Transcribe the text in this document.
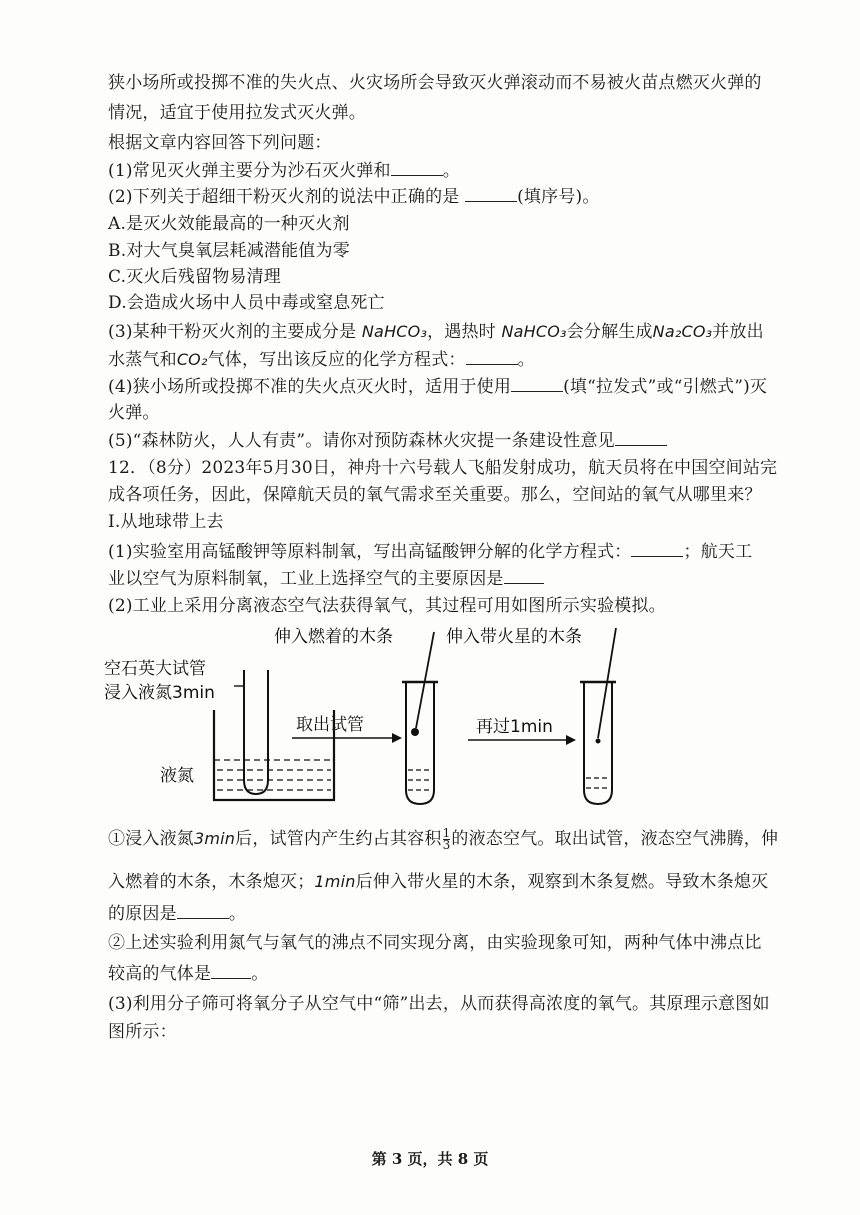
狭小场所或投掷不准的失火点、火灾场所会导致灭火弹滚动而不易被火苗点燃灭火弹的
情况，适宜于使用拉发式灭火弹。
根据文章内容回答下列问题：
(1)常见灭火弹主要分为沙石灭火弹和	。
(2)下列关于超细干粉灭火剂的说法中正确的是	(填序号)。
A.是灭火效能最高的一种灭火剂
B.对大气臭氧层耗减潜能值为零
C.灭火后残留物易清理
D.会造成火场中人员中毒或窒息死亡
(3)某种干粉灭火剂的主要成分是 NaHCO₃，遇热时 NaHCO₃会分解生成Na₂CO₃并放出
水蒸气和CO₂气体，写出该反应的化学方程式：	。
(4)狭小场所或投掷不准的失火点灭火时，适用于使用	(填“拉发式”或“引燃式”)灭
火弹。
(5)“森林防火，人人有责”。请你对预防森林火灾提一条建设性意见
12．（8分）2023年5月30日，神舟十六号载人飞船发射成功，航天员将在中国空间站完
成各项任务，因此，保障航天员的氧气需求至关重要。那么，空间站的氧气从哪里来？
Ⅰ.从地球带上去
(1)实验室用高锰酸钾等原料制氧，写出高锰酸钾分解的化学方程式：	；航天工
业以空气为原料制氧，工业上选择空气的主要原因是
(2)工业上采用分离液态空气法获得氧气，其过程可用如图所示实验模拟。
伸入燃着的木条	伸入带火星的木条
空石英大试管
浸入液氮3min
液氮
取出试管	再过1min
①浸入液氮3min后，试管内产生约占其容积 $\frac{1}{3}$ 的液态空气。取出试管，液态空气沸腾，伸
入燃着的木条，木条熄灭；1min后伸入带火星的木条，观察到木条复燃。导致木条熄灭
的原因是	。
②上述实验利用氮气与氧气的沸点不同实现分离，由实验现象可知，两种气体中沸点比
较高的气体是 。
(3)利用分子筛可将氧分子从空气中“筛”出去，从而获得高浓度的氧气。其原理示意图如
图所示：
第 3 页，共 8 页
